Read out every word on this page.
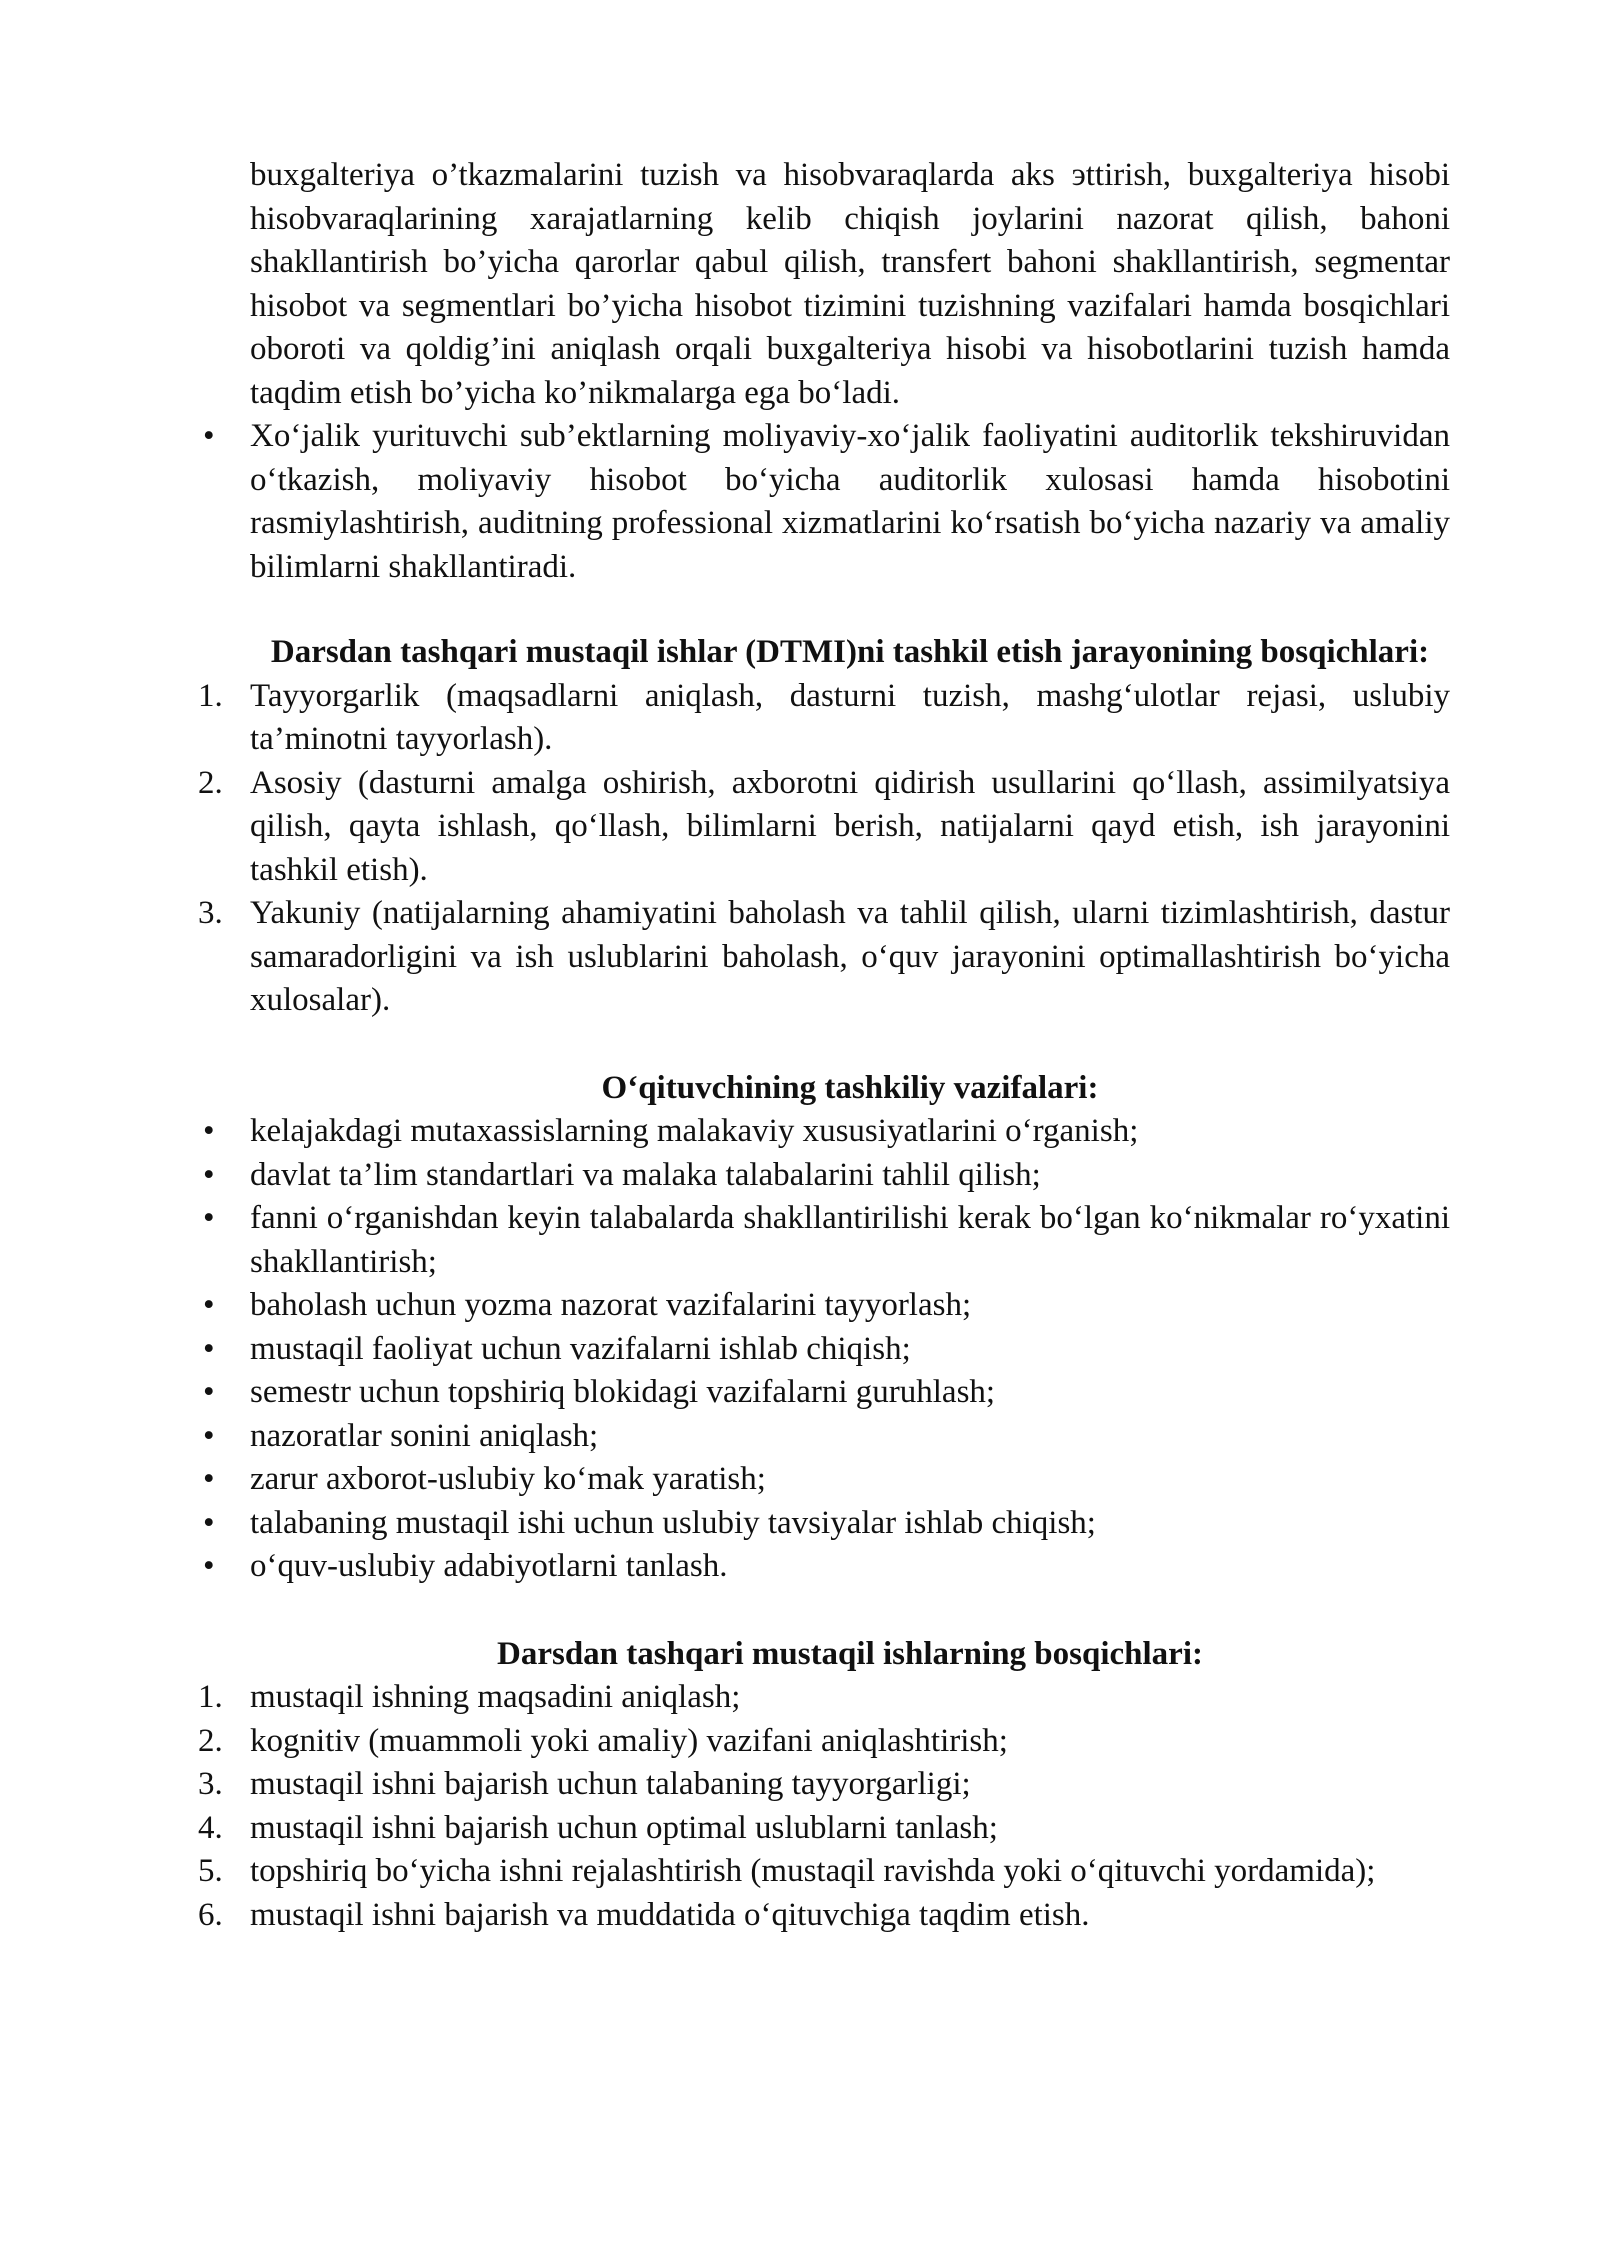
buxgalteriya o’tkazmalarini tuzish va hisobvaraqlarda aks эttirish, buxgalteriya hisobi hisobvaraqlarining xarajatlarning kelib chiqish joylarini nazorat qilish, bahoni shakllantirish bo’yicha qarorlar qabul qilish, transfert bahoni shakllantirish, segmentar hisobot va segmentlari bo’yicha hisobot tizimini tuzishning vazifalari hamda bosqichlari oboroti va qoldig’ini aniqlash orqali buxgalteriya hisobi va hisobotlarini tuzish hamda taqdim etish bo’yicha ko’nikmalarga ega bo‘ladi.
•	Xo‘jalik yurituvchi sub’ektlarning moliyaviy-xo‘jalik faoliyatini auditorlik tekshiruvidan o‘tkazish, moliyaviy hisobot bo‘yicha auditorlik xulosasi hamda hisobotini rasmiylashtirish, auditning professional xizmatlarini ko‘rsatish bo‘yicha nazariy va amaliy bilimlarni shakllantiradi.
Darsdan tashqari mustaqil ishlar (DTMI)ni tashkil etish jarayonining bosqichlari:
1. Tayyorgarlik (maqsadlarni aniqlash, dasturni tuzish, mashg‘ulotlar rejasi, uslubiy ta’minotni tayyorlash).
2. Asosiy (dasturni amalga oshirish, axborotni qidirish usullarini qo‘llash, assimilyatsiya qilish, qayta ishlash, qo‘llash, bilimlarni berish, natijalarni qayd etish, ish jarayonini tashkil etish).
3. Yakuniy (natijalarning ahamiyatini baholash va tahlil qilish, ularni tizimlashtirish, dastur samaradorligini va ish uslublarini baholash, o‘quv jarayonini optimallashtirish bo‘yicha xulosalar).
O‘qituvchining tashkiliy vazifalari:
•	kelajakdagi mutaxassislarning malakaviy xususiyatlarini o‘rganish;
•	davlat ta’lim standartlari va malaka talabalarini tahlil qilish;
•	fanni o‘rganishdan keyin talabalarda shakllantirilishi kerak bo‘lgan ko‘nikmalar ro‘yxatini shakllantirish;
•	baholash uchun yozma nazorat vazifalarini tayyorlash;
•	mustaqil faoliyat uchun vazifalarni ishlab chiqish;
•	semestr uchun topshiriq blokidagi vazifalarni guruhlash;
•	nazoratlar sonini aniqlash;
•	zarur axborot-uslubiy ko‘mak yaratish;
•	talabaning mustaqil ishi uchun uslubiy tavsiyalar ishlab chiqish;
•	o‘quv-uslubiy adabiyotlarni tanlash.
Darsdan tashqari mustaqil ishlarning bosqichlari:
1. mustaqil ishning maqsadini aniqlash;
2. kognitiv (muammoli yoki amaliy) vazifani aniqlashtirish;
3. mustaqil ishni bajarish uchun talabaning tayyorgarligi;
4. mustaqil ishni bajarish uchun optimal uslublarni tanlash;
5. topshiriq bo‘yicha ishni rejalashtirish (mustaqil ravishda yoki o‘qituvchi yordamida);
6. mustaqil ishni bajarish va muddatida o‘qituvchiga taqdim etish.
